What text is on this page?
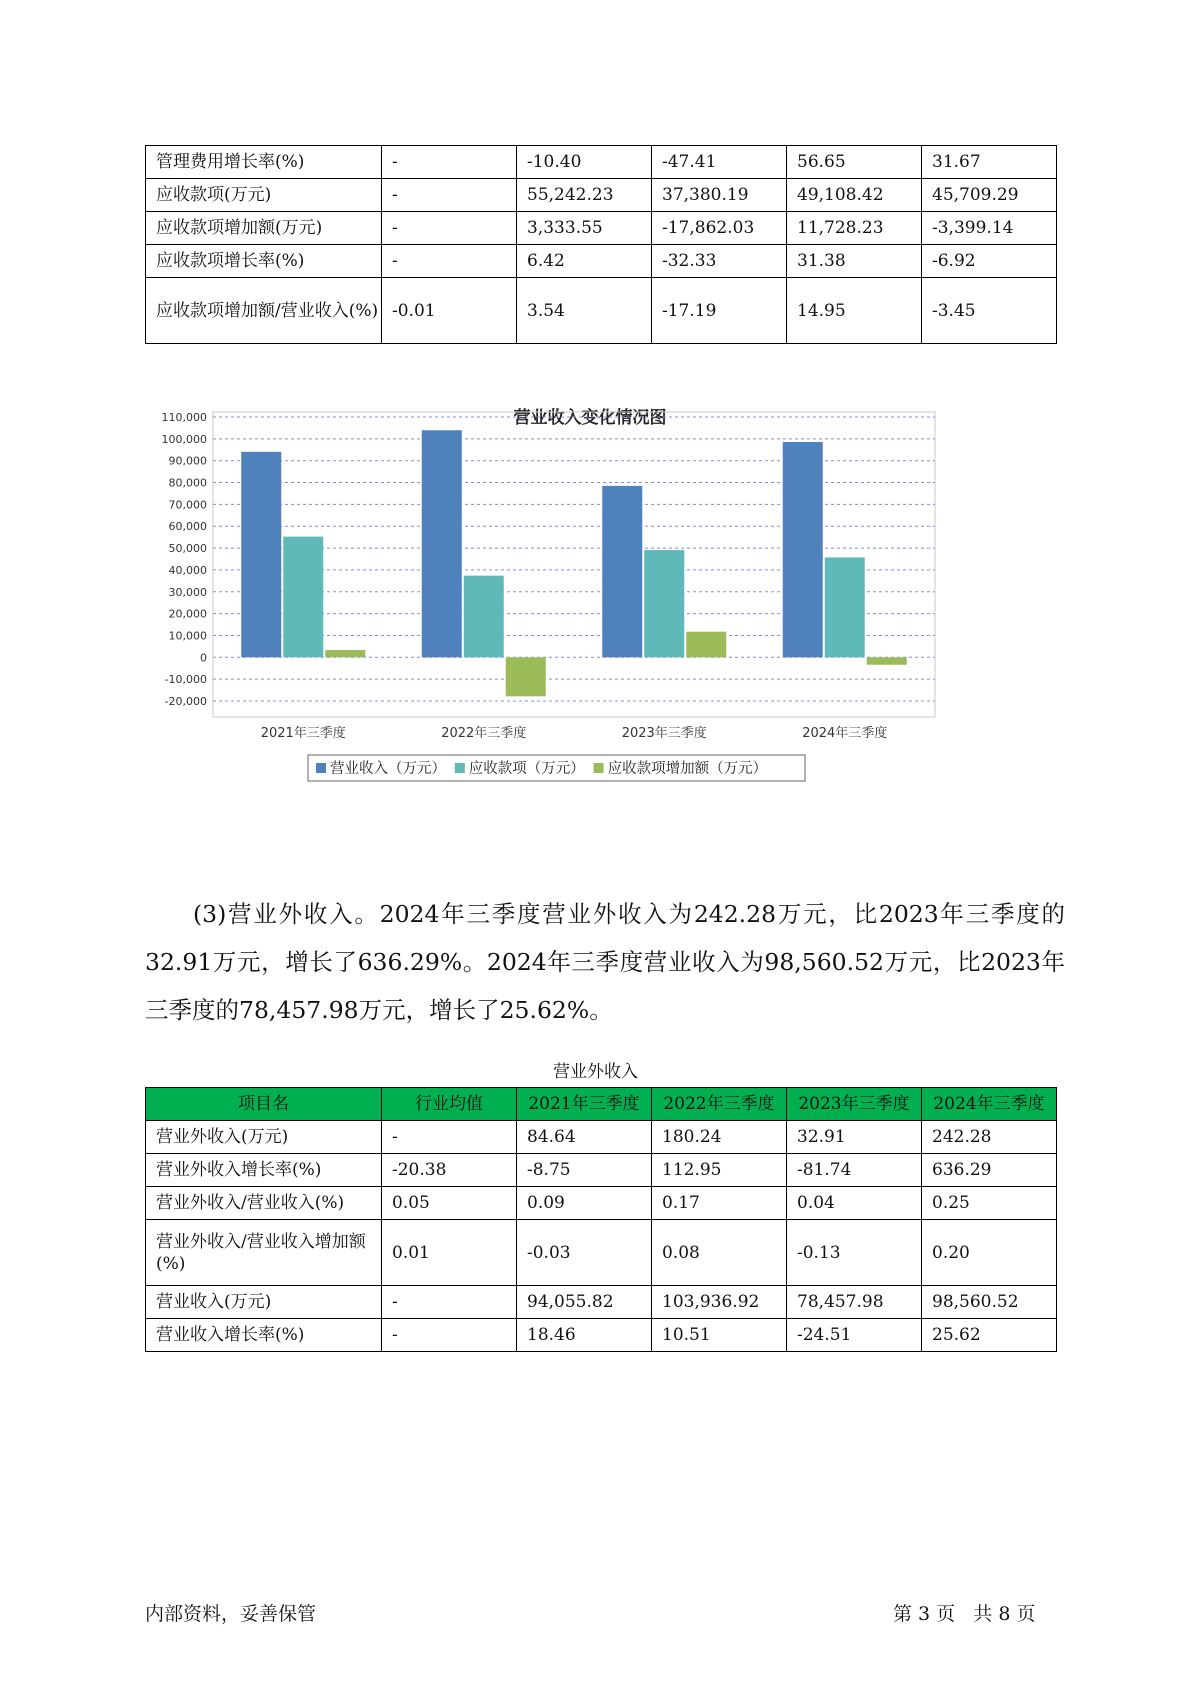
管理费用增长率(%)	-	-10.40	-47.41	56.65	31.67
应收款项(万元)	-	55,242.23	37,380.19	49,108.42	45,709.29
应收款项增加额(万元)	-	3,333.55	-17,862.03	11,728.23	-3,399.14
应收款项增长率(%)	-	6.42	-32.33	31.38	-6.92
应收款项增加额/营业收入(%)	-0.01	3.54	-17.19	14.95	-3.45
营业收入变化情况图
110,000
100,000
90,000
80,000
70,000
60,000
50,000
40,000
30,000
20,000
10,000
0
-10,000
-20,000
2021年三季度	2022年三季度	2023年三季度	2024年三季度
营业收入（万元） 应收款项（万元） 应收款项增加额（万元）

(3)营业外收入。2024年三季度营业外收入为242.28万元，比2023年三季度的32.91万元，增长了636.29%。2024年三季度营业收入为98,560.52万元，比2023年三季度的78,457.98万元，增长了25.62%。

营业外收入
项目名	行业均值	2021年三季度	2022年三季度	2023年三季度	2024年三季度
营业外收入(万元)	-	84.64	180.24	32.91	242.28
营业外收入增长率(%)	-20.38	-8.75	112.95	-81.74	636.29
营业外收入/营业收入(%)	0.05	0.09	0.17	0.04	0.25
营业外收入/营业收入增加额(%)	0.01	-0.03	0.08	-0.13	0.20
营业收入(万元)	-	94,055.82	103,936.92	78,457.98	98,560.52
营业收入增长率(%)	-	18.46	10.51	-24.51	25.62
内部资料，妥善保管	第 3 页   共 8 页
